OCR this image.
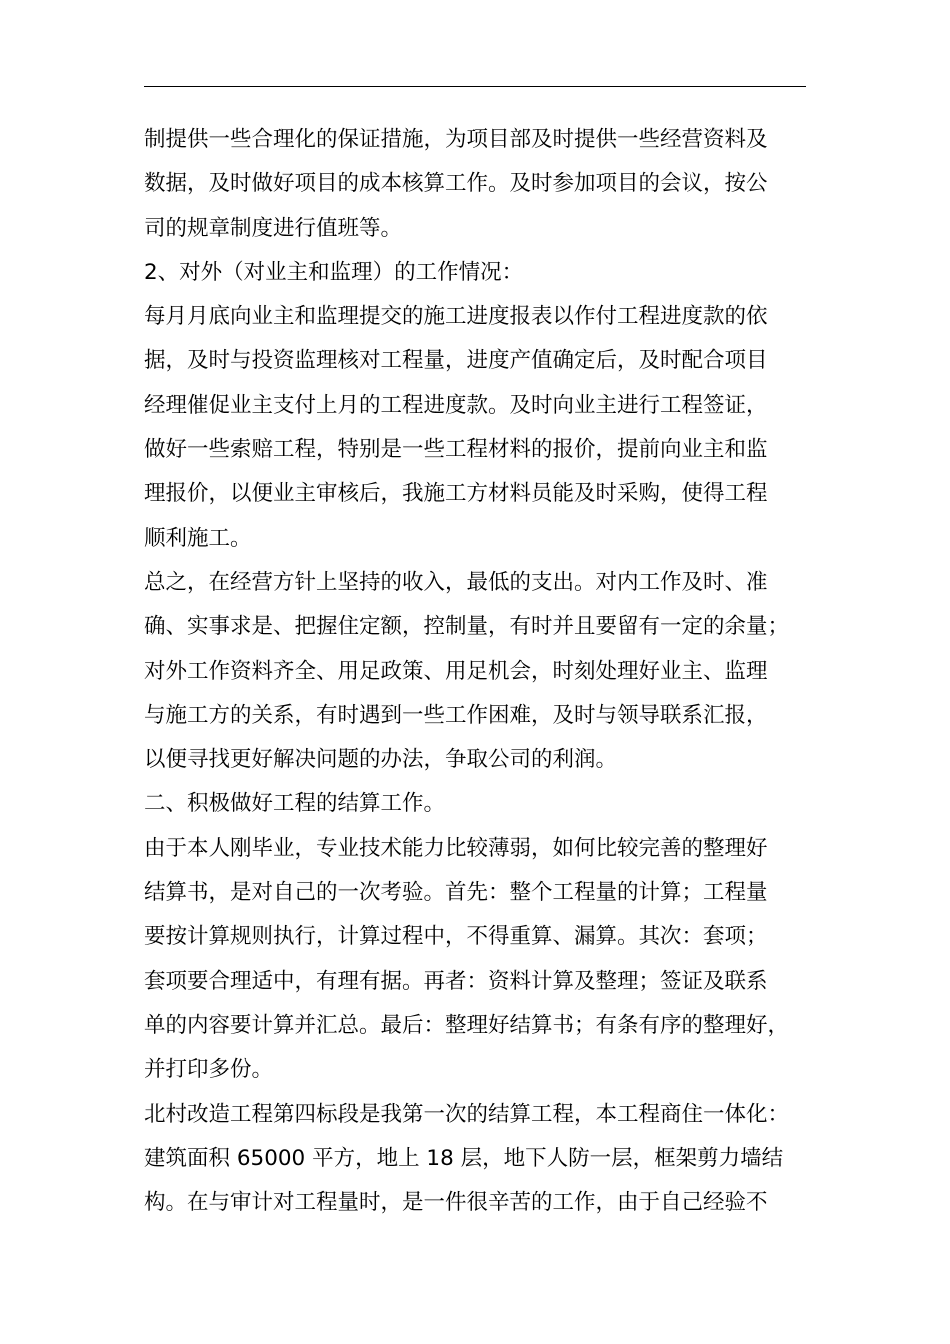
制提供一些合理化的保证措施，为项目部及时提供一些经营资料及
数据，及时做好项目的成本核算工作。及时参加项目的会议，按公
司的规章制度进行值班等。
2、对外（对业主和监理）的工作情况：
每月月底向业主和监理提交的施工进度报表以作付工程进度款的依
据，及时与投资监理核对工程量，进度产值确定后，及时配合项目
经理催促业主支付上月的工程进度款。及时向业主进行工程签证，
做好一些索赔工程，特别是一些工程材料的报价，提前向业主和监
理报价，以便业主审核后，我施工方材料员能及时采购，使得工程
顺利施工。
总之，在经营方针上坚持的收入，最低的支出。对内工作及时、准
确、实事求是、把握住定额，控制量，有时并且要留有一定的余量；
对外工作资料齐全、用足政策、用足机会，时刻处理好业主、监理
与施工方的关系，有时遇到一些工作困难，及时与领导联系汇报，
以便寻找更好解决问题的办法，争取公司的利润。
二、积极做好工程的结算工作。
由于本人刚毕业，专业技术能力比较薄弱，如何比较完善的整理好
结算书，是对自己的一次考验。首先：整个工程量的计算；工程量
要按计算规则执行，计算过程中，不得重算、漏算。其次：套项；
套项要合理适中，有理有据。再者：资料计算及整理；签证及联系
单的内容要计算并汇总。最后：整理好结算书；有条有序的整理好，
并打印多份。
北村改造工程第四标段是我第一次的结算工程，本工程商住一体化：
建筑面积 65000 平方，地上 18 层，地下人防一层，框架剪力墙结
构。在与审计对工程量时，是一件很辛苦的工作，由于自己经验不
